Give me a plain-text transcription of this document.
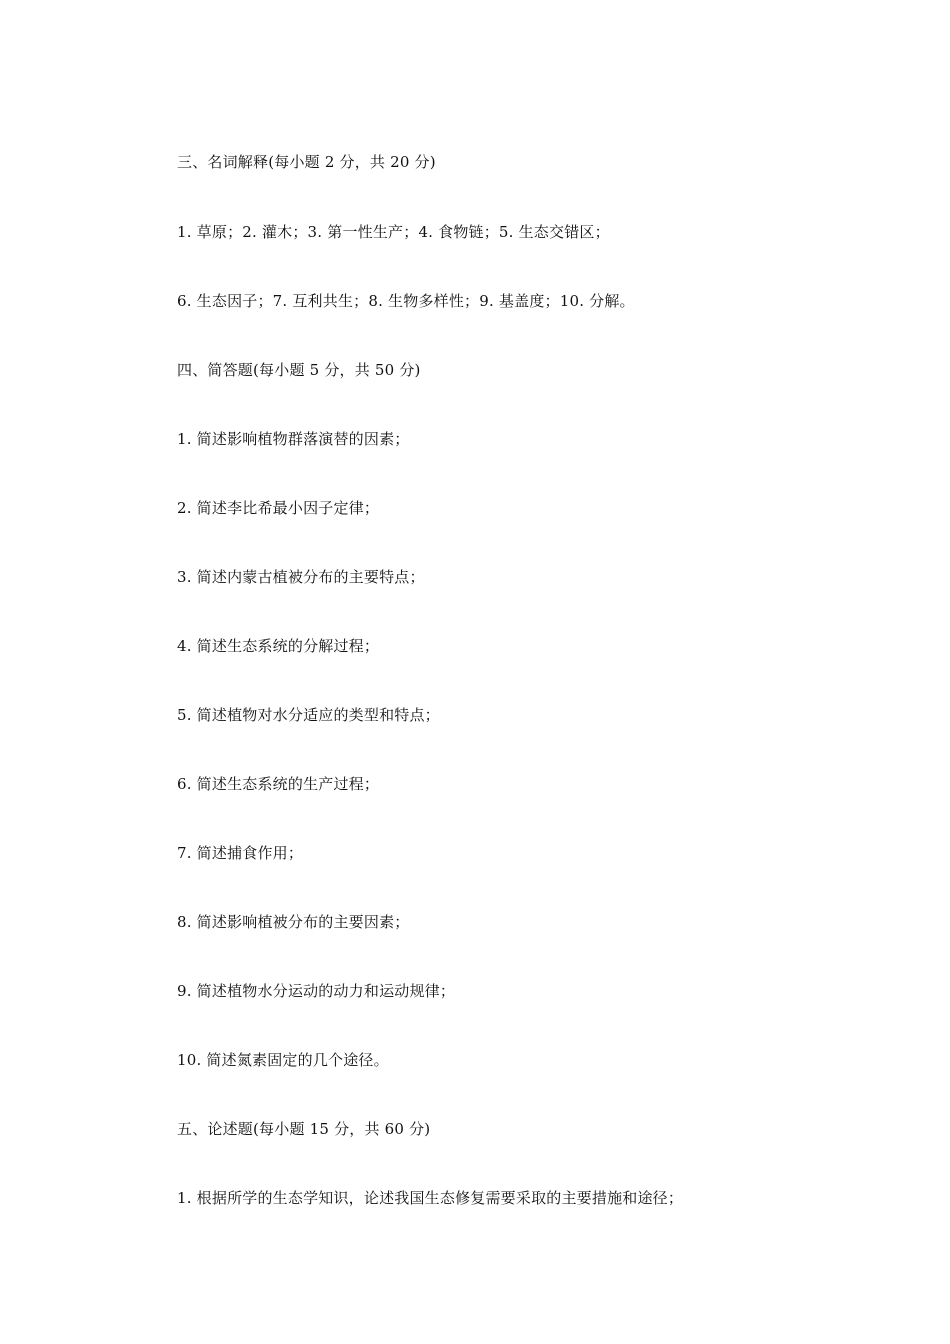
三、名词解释(每小题 2 分，共 20 分)
1. 草原；2. 灌木；3. 第一性生产；4. 食物链；5. 生态交错区；
6. 生态因子；7. 互利共生；8. 生物多样性；9. 基盖度；10. 分解。
四、简答题(每小题 5 分，共 50 分)
1. 简述影响植物群落演替的因素；
2. 简述李比希最小因子定律；
3. 简述内蒙古植被分布的主要特点；
4. 简述生态系统的分解过程；
5. 简述植物对水分适应的类型和特点；
6. 简述生态系统的生产过程；
7. 简述捕食作用；
8. 简述影响植被分布的主要因素；
9. 简述植物水分运动的动力和运动规律；
10. 简述氮素固定的几个途径。
五、论述题(每小题 15 分，共 60 分)
1. 根据所学的生态学知识，论述我国生态修复需要采取的主要措施和途径；
